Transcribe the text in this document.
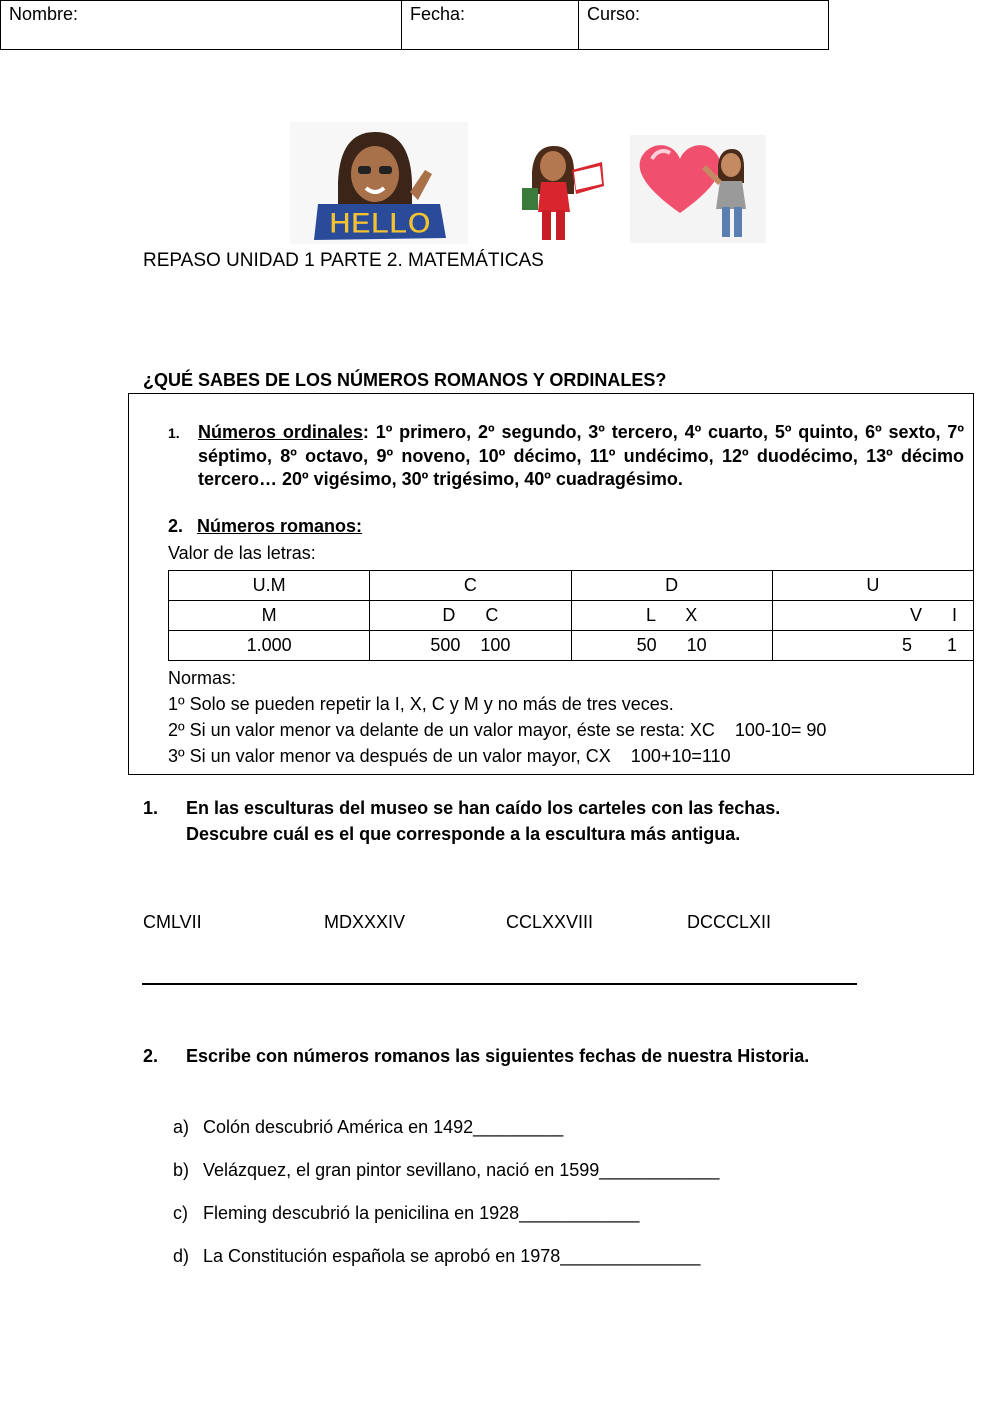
HELLO
REPASO UNIDAD 1 PARTE 2. MATEMÁTICAS
Nombre:	Fecha:	Curso:
¿QUÉ SABES DE LOS NÚMEROS ROMANOS Y ORDINALES?
1. Números ordinales: 1º primero, 2º segundo, 3º tercero, 4º cuarto, 5º quinto, 6º sexto, 7º séptimo, 8º octavo, 9º noveno, 10º décimo, 11º undécimo, 12º duodécimo, 13º décimo tercero… 20º vigésimo, 30º trigésimo, 40º cuadragésimo.
2. Números romanos:
Valor de las letras:
U.M	C	D	U
M	D      C	L      X	V      I
1.000	500    100	50      10	5       1
Normas:
1º Solo se pueden repetir la I, X, C y M y no más de tres veces.
2º Si un valor menor va delante de un valor mayor, éste se resta: XC    100-10= 90
3º Si un valor menor va después de un valor mayor, CX    100+10=110
1. En las esculturas del museo se han caído los carteles con las fechas. Descubre cuál es el que corresponde a la escultura más antigua.
CMLVII	MDXXXIV	CCLXXVIII	DCCCLXII
2. Escribe con números romanos las siguientes fechas de nuestra Historia.
a) Colón descubrió América en 1492_________
b) Velázquez, el gran pintor sevillano, nació en 1599____________
c) Fleming descubrió la penicilina en 1928____________
d) La Constitución española se aprobó en 1978______________
